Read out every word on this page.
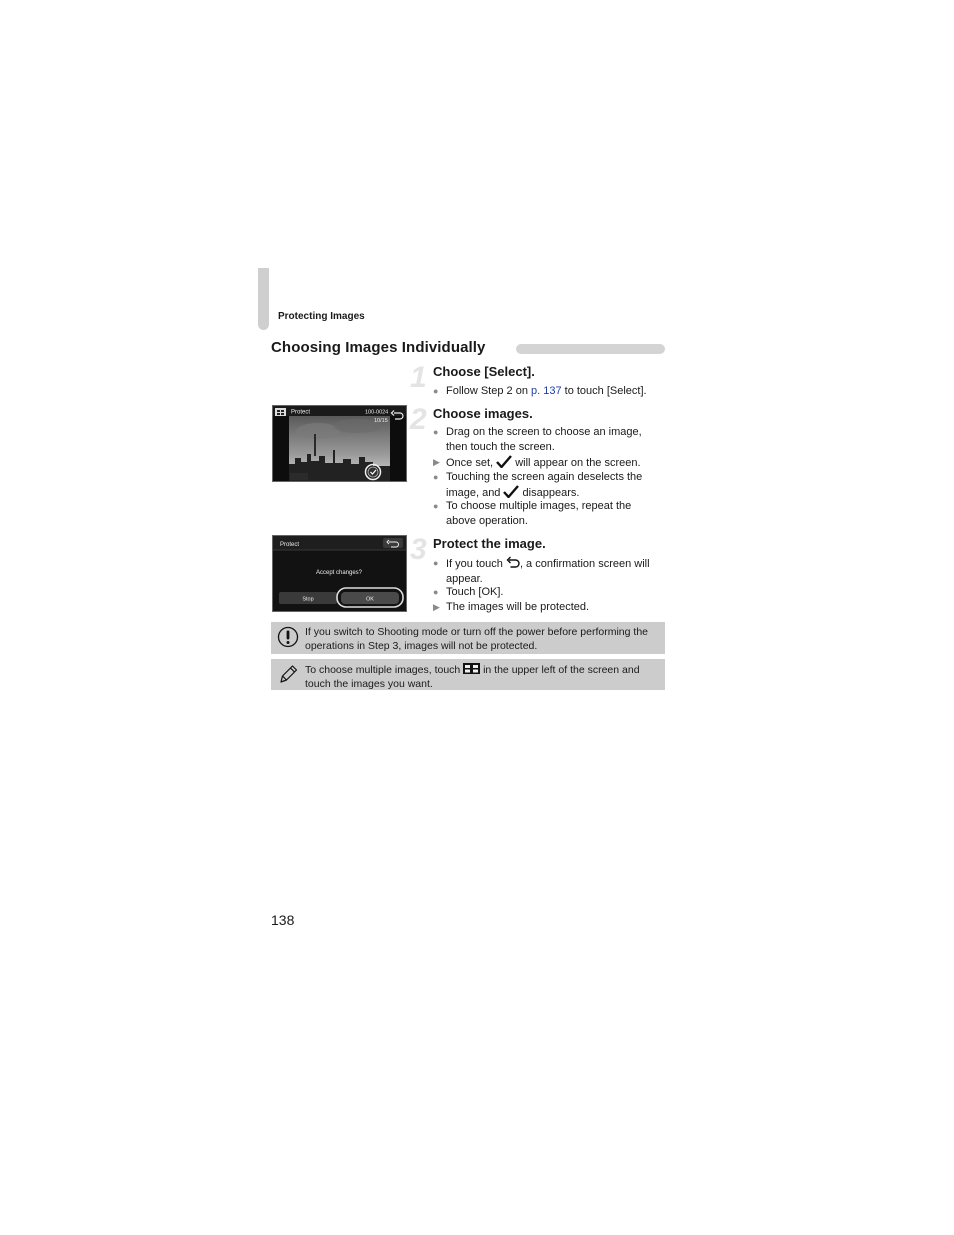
Protecting Images
Choosing Images Individually
1 Choose [Select].
● Follow Step 2 on p. 137 to touch [Select].
Protect	100-0024
10/15 2 Choose images.
● Drag on the screen to choose an image,
then touch the screen.
▶ Once set,  will appear on the screen.
● Touching the screen again deselects the
image, and  disappears.
● To choose multiple images, repeat the
above operation.
Protect
Accept changes?
Stop	OK
3 Protect the image.
● If you touch , a confirmation screen will
appear.
● Touch [OK].
▶ The images will be protected.
If you switch to Shooting mode or turn off the power before performing the
operations in Step 3, images will not be protected.
To choose multiple images, touch  in the upper left of the screen and
touch the images you want.
138
